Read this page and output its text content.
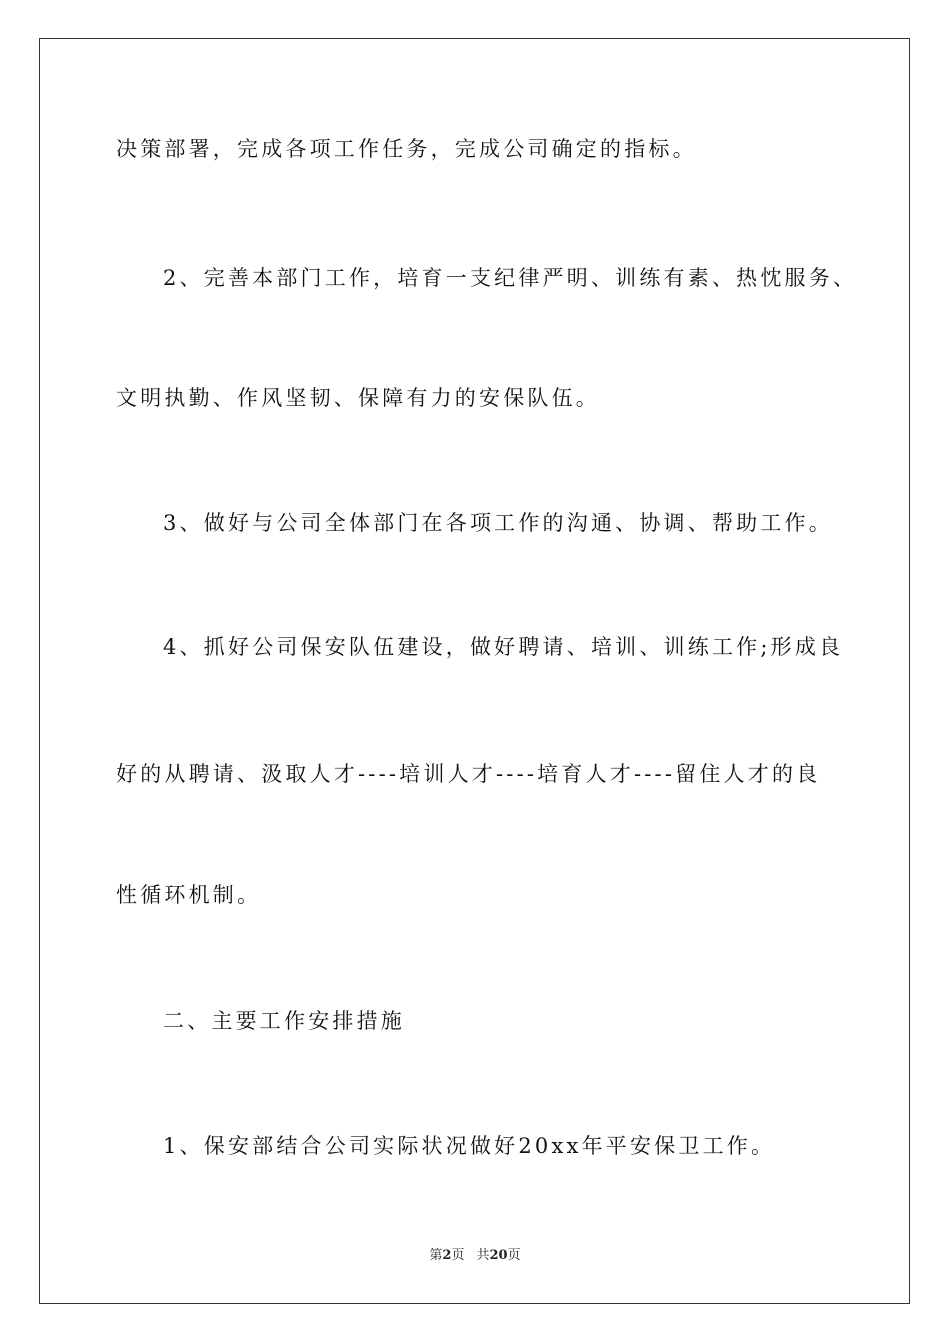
决策部署，完成各项工作任务，完成公司确定的指标。
2、完善本部门工作，培育一支纪律严明、训练有素、热忱服务、
文明执勤、作风坚韧、保障有力的安保队伍。
3、做好与公司全体部门在各项工作的沟通、协调、帮助工作。
4、抓好公司保安队伍建设，做好聘请、培训、训练工作;形成良
好的从聘请、汲取人才----培训人才----培育人才----留住人才的良
性循环机制。
二、主要工作安排措施
1、保安部结合公司实际状况做好20xx年平安保卫工作。
第2页 共20页
